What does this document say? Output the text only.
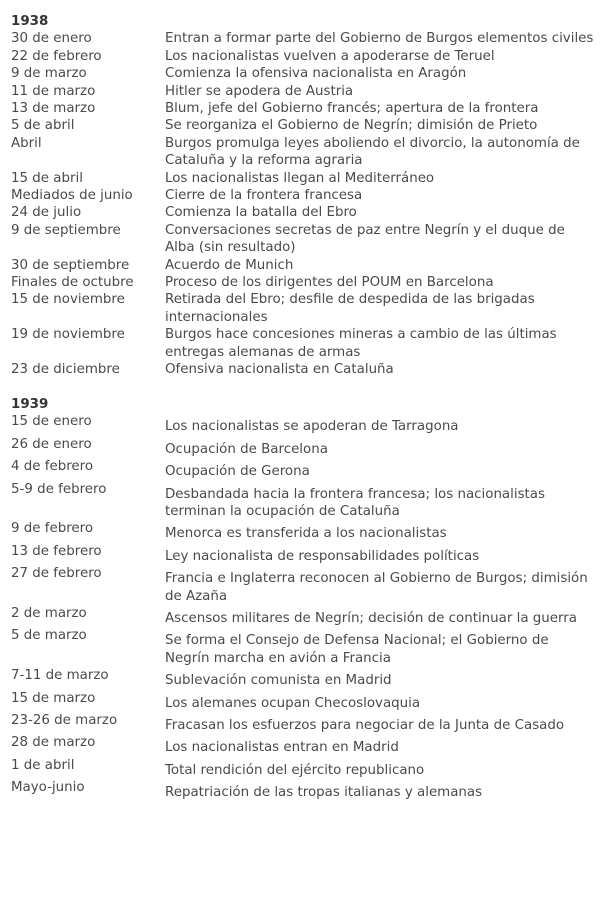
1938
30 de enero	Entran a formar parte del Gobierno de Burgos elementos civiles
22 de febrero	Los nacionalistas vuelven a apoderarse de Teruel
9 de marzo	Comienza la ofensiva nacionalista en Aragón
11 de marzo	Hitler se apodera de Austria
13 de marzo	Blum, jefe del Gobierno francés; apertura de la frontera
5 de abril	Se reorganiza el Gobierno de Negrín; dimisión de Prieto
Abril	Burgos promulga leyes aboliendo el divorcio, la autonomía de Cataluña y la reforma agraria
15 de abril	Los nacionalistas llegan al Mediterráneo
Mediados de junio	Cierre de la frontera francesa
24 de julio	Comienza la batalla del Ebro
9 de septiembre	Conversaciones secretas de paz entre Negrín y el duque de Alba (sin resultado)
30 de septiembre	Acuerdo de Munich
Finales de octubre	Proceso de los dirigentes del POUM en Barcelona
15 de noviembre	Retirada del Ebro; desfile de despedida de las brigadas internacionales
19 de noviembre	Burgos hace concesiones mineras a cambio de las últimas entregas alemanas de armas
23 de diciembre	Ofensiva nacionalista en Cataluña
1939
15 de enero	Los nacionalistas se apoderan de Tarragona
26 de enero	Ocupación de Barcelona
4 de febrero	Ocupación de Gerona
5-9 de febrero	Desbandada hacia la frontera francesa; los nacionalistas terminan la ocupación de Cataluña
9 de febrero	Menorca es transferida a los nacionalistas
13 de febrero	Ley nacionalista de responsabilidades políticas
27 de febrero	Francia e Inglaterra reconocen al Gobierno de Burgos; dimisión de Azaña
2 de marzo	Ascensos militares de Negrín; decisión de continuar la guerra
5 de marzo	Se forma el Consejo de Defensa Nacional; el Gobierno de Negrín marcha en avión a Francia
7-11 de marzo	Sublevación comunista en Madrid
15 de marzo	Los alemanes ocupan Checoslovaquia
23-26 de marzo	Fracasan los esfuerzos para negociar de la Junta de Casado
28 de marzo	Los nacionalistas entran en Madrid
1 de abril	Total rendición del ejército republicano
Mayo-junio	Repatriación de las tropas italianas y alemanas
